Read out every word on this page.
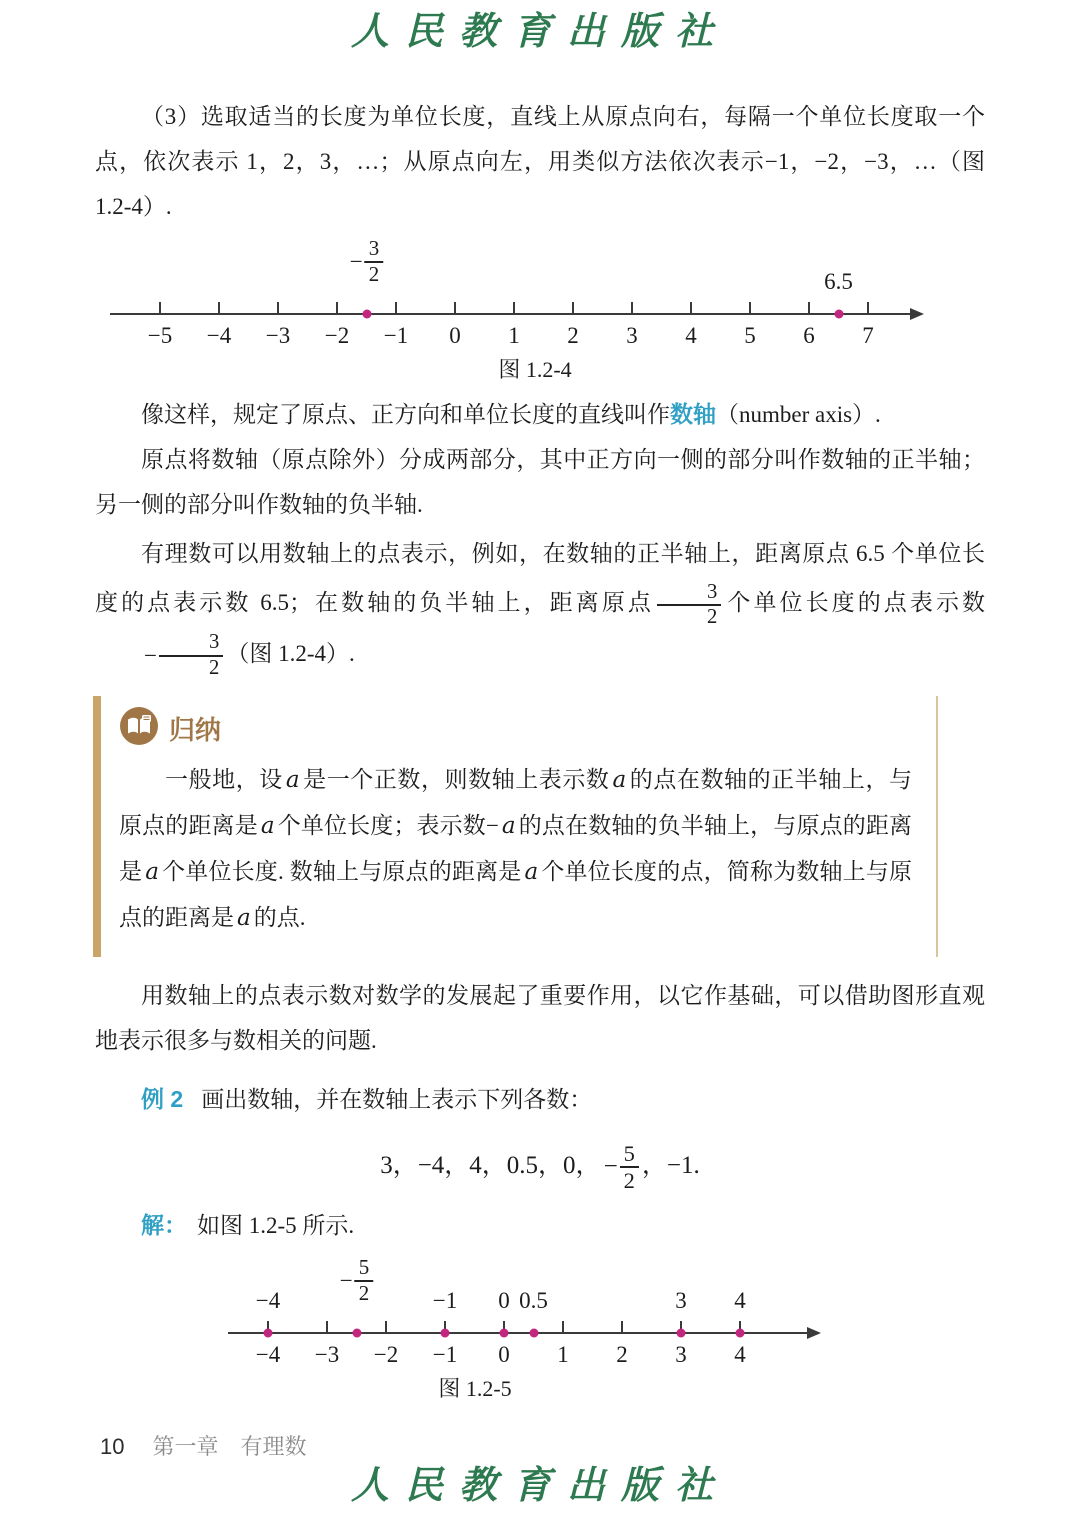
人民教育出版社

（3）选取适当的长度为单位长度，直线上从原点向右，每隔一个单位长度取一个点，依次表示 1，2，3，…；从原点向左，用类似方法依次表示−1，−2，−3，…（图 1.2-4）.

−5 −4 −3 −2 −1 0 1 2 3 4 5 6 7
− $\frac{3}{2}$	6.5
图 1.2-4

像这样，规定了原点、正方向和单位长度的直线叫作数轴（number axis）.

原点将数轴（原点除外）分成两部分，其中正方向一侧的部分叫作数轴的正半轴；另一侧的部分叫作数轴的负半轴.

有理数可以用数轴上的点表示，例如，在数轴的正半轴上，距离原点 6.5 个单位长度的点表示数 6.5；在数轴的负半轴上，距离原点	3
2
个单位长度的点表示数
− $\frac{3}{2}$ （图 1.2-4）.

归纳

一般地，设 a 是一个正数，则数轴上表示数 a 的点在数轴的正半轴上，与原点的距离是 a 个单位长度；表示数− a 的点在数轴的负半轴上，与原点的距离是 a 个单位长度. 数轴上与原点的距离是 a 个单位长度的点，简称为数轴上与原点的距离是 a 的点.

用数轴上的点表示数对数学的发展起了重要作用，以它作基础，可以借助图形直观地表示很多与数相关的问题.

例 2 画出数轴，并在数轴上表示下列各数：

3，−4，4，0.5，0， − $\frac{5}{2}$ ，−1.

解： 如图 1.2-5 所示.

−4 −3 −2 −1 0 1 2 3 4
−4
− $\frac{5}{2}$	−1 0 0.5	3 4
图 1.2-5
10 第一章 有理数
人民教育出版社
